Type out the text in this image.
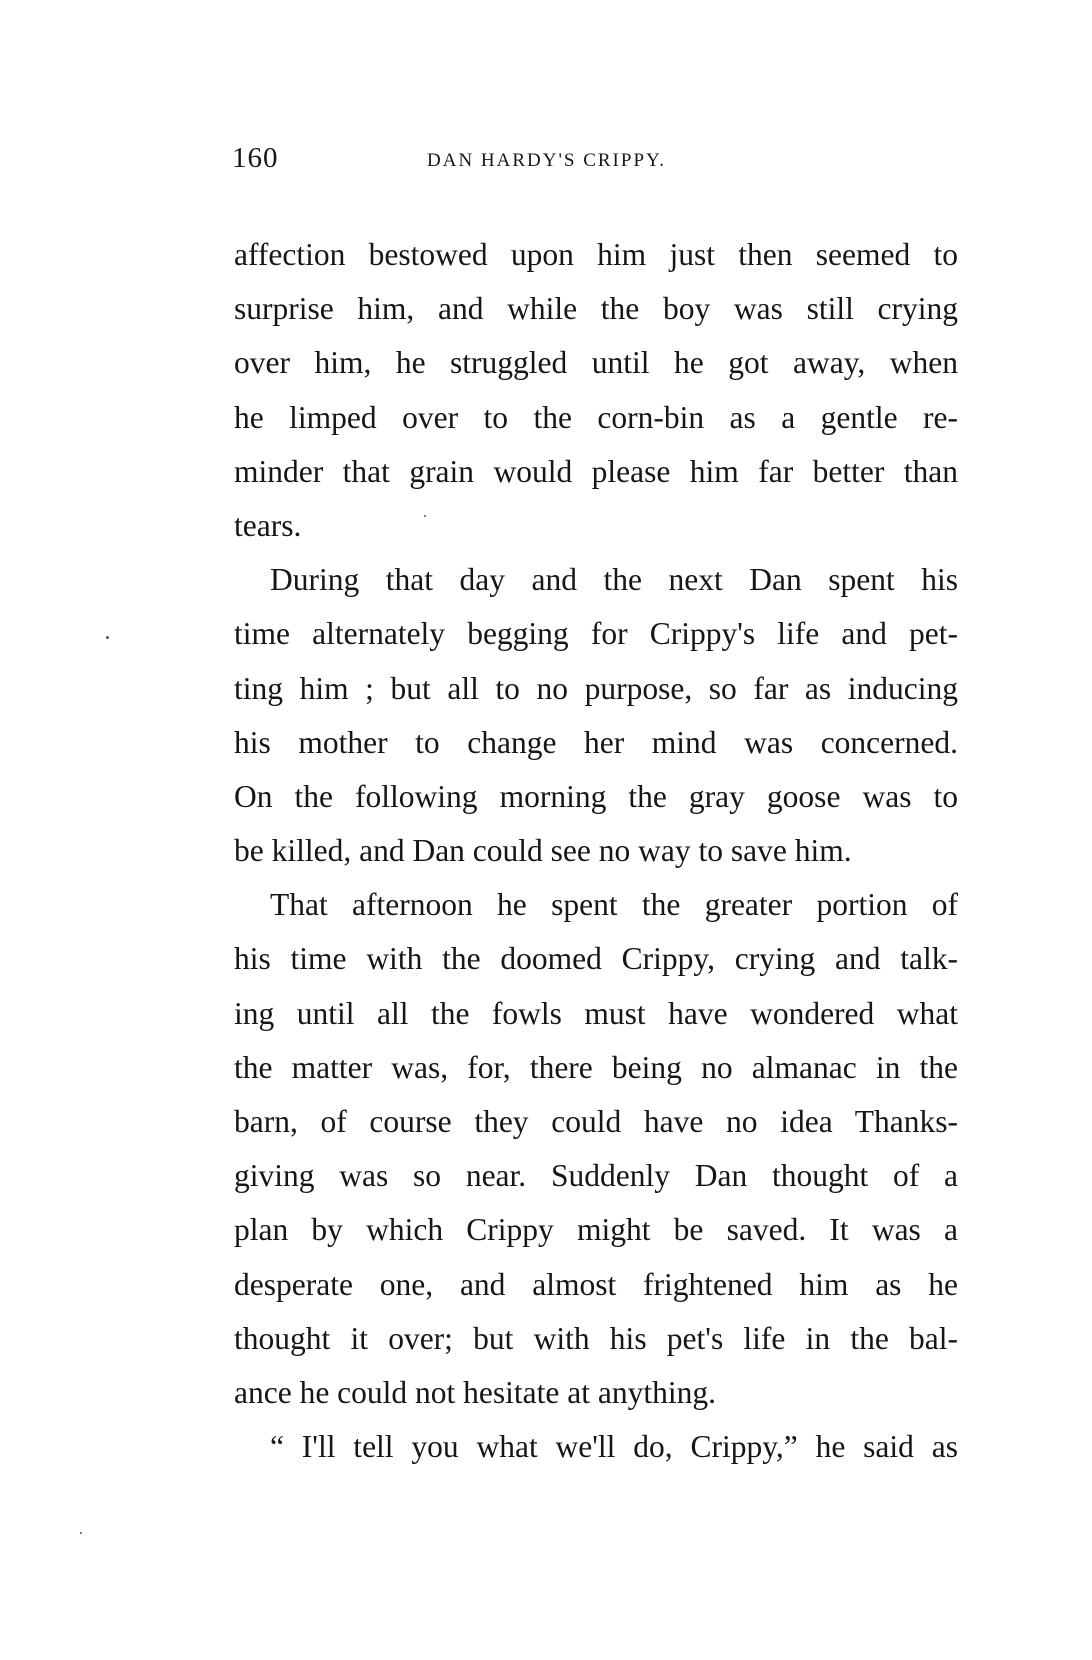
160	DAN HARDY'S CRIPPY.
affection bestowed upon him just then seemed to
surprise him, and while the boy was still crying
over him, he struggled until he got away, when
he limped over to the corn-bin as a gentle re-
minder that grain would please him far better than
tears.
During that day and the next Dan spent his
time alternately begging for Crippy's life and pet-
ting him ; but all to no purpose, so far as inducing
his mother to change her mind was concerned.
On the following morning the gray goose was to
be killed, and Dan could see no way to save him.
That afternoon he spent the greater portion of
his time with the doomed Crippy, crying and talk-
ing until all the fowls must have wondered what
the matter was, for, there being no almanac in the
barn, of course they could have no idea Thanks-
giving was so near. Suddenly Dan thought of a
plan by which Crippy might be saved. It was a
desperate one, and almost frightened him as he
thought it over; but with his pet's life in the bal-
ance he could not hesitate at anything.
“ I'll tell you what we'll do, Crippy,” he said as
